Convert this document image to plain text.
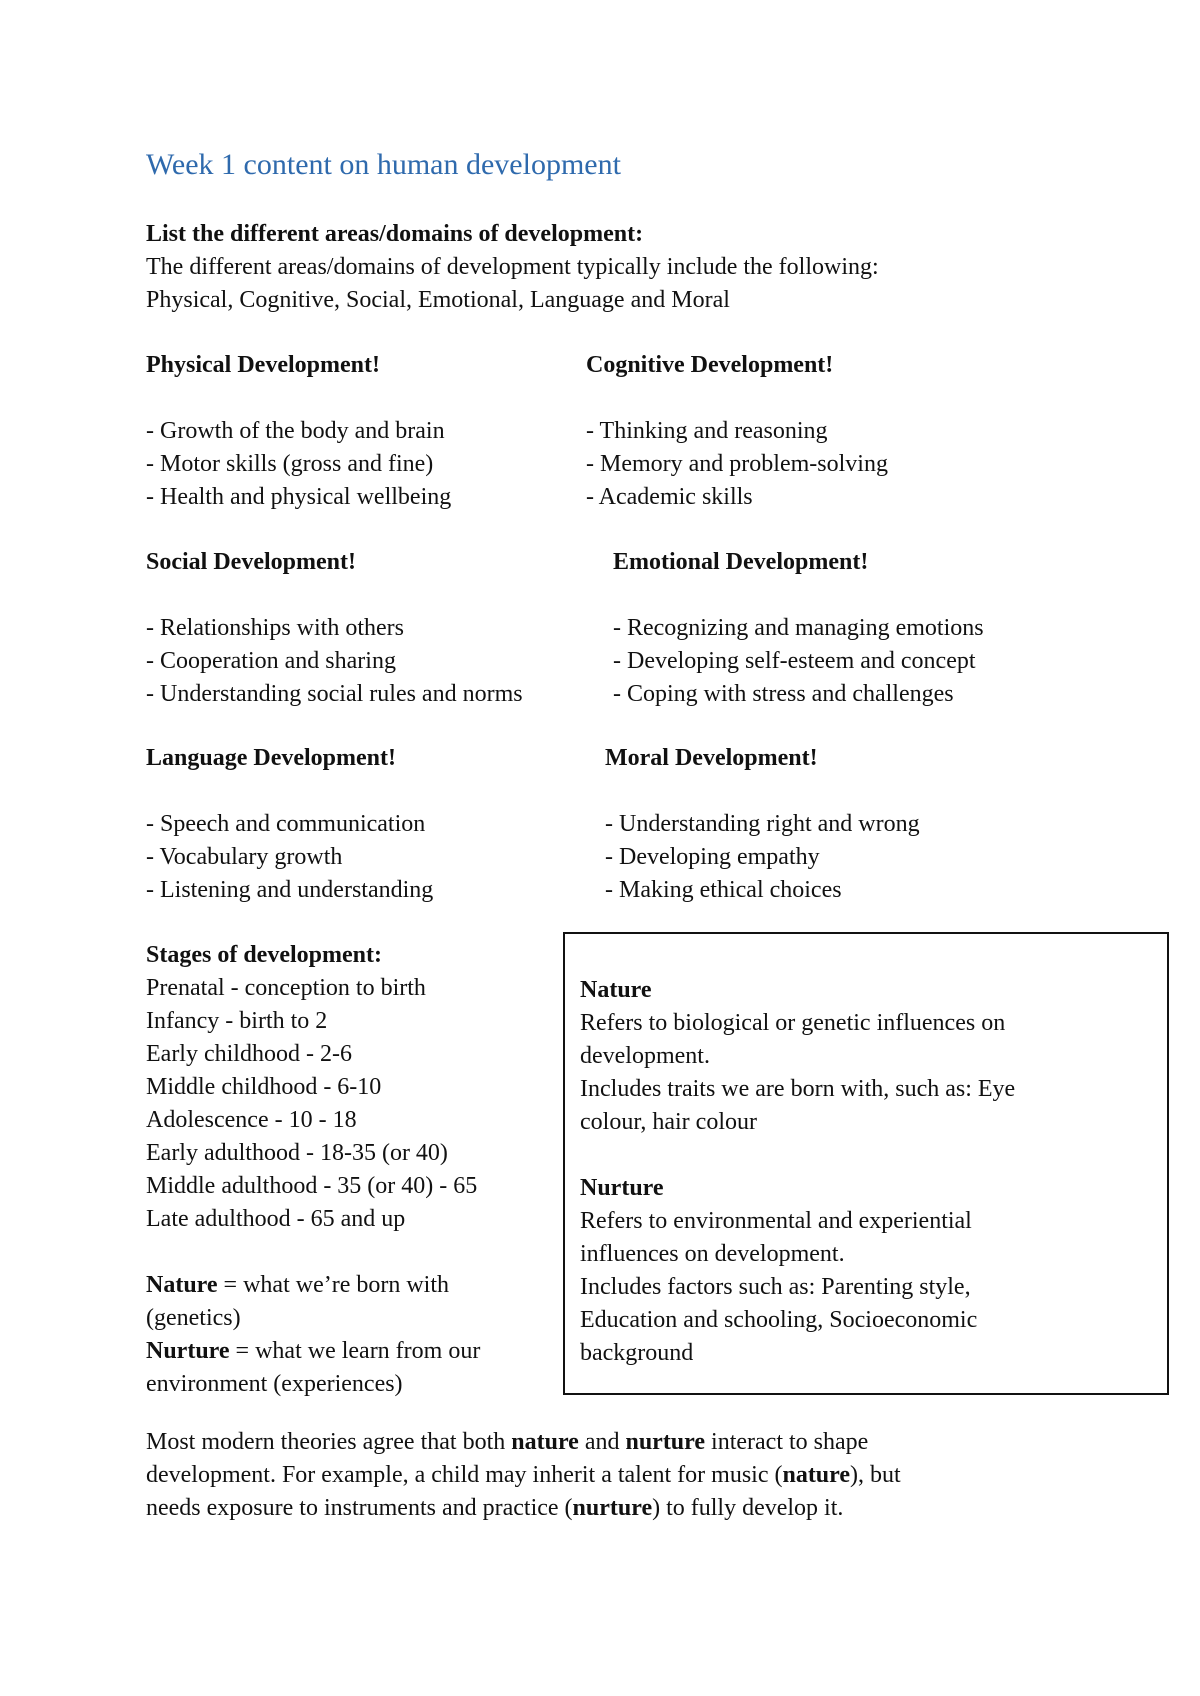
Week 1 content on human development
List the different areas/domains of development:
The different areas/domains of development typically include the following:
Physical, Cognitive, Social, Emotional, Language and Moral
Physical Development!
- Growth of the body and brain
- Motor skills (gross and fine)
- Health and physical wellbeing
Cognitive Development!
- Thinking and reasoning
- Memory and problem-solving
- Academic skills
Social Development!
- Relationships with others
- Cooperation and sharing
- Understanding social rules and norms
Emotional Development!
- Recognizing and managing emotions
- Developing self-esteem and concept
- Coping with stress and challenges
Language Development!
- Speech and communication
- Vocabulary growth
- Listening and understanding
Moral Development!
- Understanding right and wrong
- Developing empathy
- Making ethical choices
Stages of development:
Prenatal - conception to birth
Infancy - birth to 2
Early childhood - 2-6
Middle childhood - 6-10
Adolescence - 10 - 18
Early adulthood - 18-35 (or 40)
Middle adulthood - 35 (or 40) - 65
Late adulthood - 65 and up
Nature = what we’re born with
(genetics)
Nurture = what we learn from our
environment (experiences)
Nature
Refers to biological or genetic influences on
development.
Includes traits we are born with, such as: Eye
colour, hair colour
Nurture
Refers to environmental and experiential
influences on development.
Includes factors such as: Parenting style,
Education and schooling, Socioeconomic
background
Most modern theories agree that both nature and nurture interact to shape
development. For example, a child may inherit a talent for music (nature), but
needs exposure to instruments and practice (nurture) to fully develop it.
